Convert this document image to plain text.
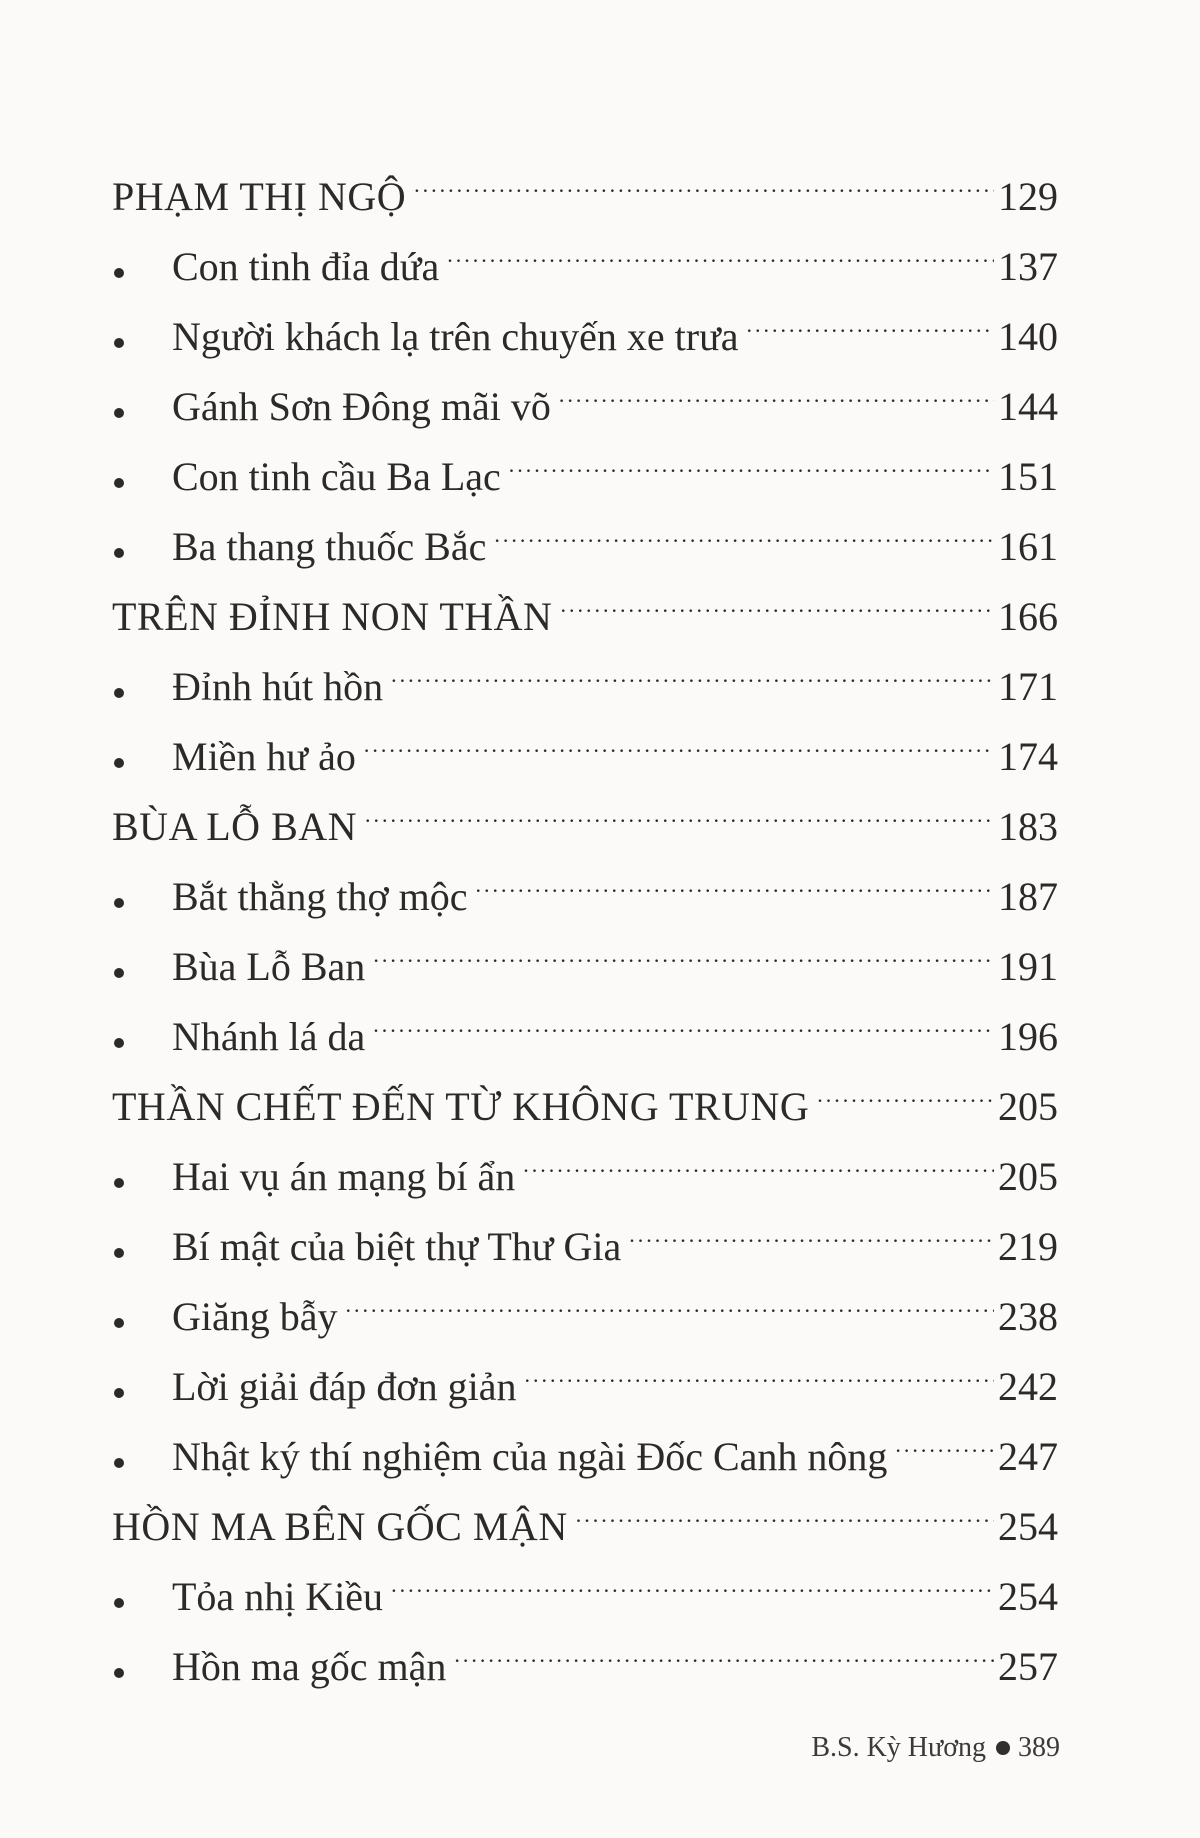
PHẠM THỊ NGỘ .....	129
Con tinh đỉa dứa .....	137
Người khách lạ trên chuyến xe trưa .....	140
Gánh Sơn Đông mãi võ .....	144
Con tinh cầu Ba Lạc .....	151
Ba thang thuốc Bắc .....	161
TRÊN ĐỈNH NON THẦN .....	166
Đỉnh hút hồn .....	171
Miền hư ảo .....	174
BÙA LỖ BAN .....	183
Bắt thằng thợ mộc .....	187
Bùa Lỗ Ban .....	191
Nhánh lá da .....	196
THẦN CHẾT ĐẾN TỪ KHÔNG TRUNG .....	205
Hai vụ án mạng bí ẩn .....	205
Bí mật của biệt thự Thư Gia .....	219
Giăng bẫy .....	238
Lời giải đáp đơn giản .....	242
Nhật ký thí nghiệm của ngài Đốc Canh nông .....	247
HỒN MA BÊN GỐC MẬN .....	254
Tỏa nhị Kiều .....	254
Hồn ma gốc mận .....	257
B.S. Kỳ Hương 389
